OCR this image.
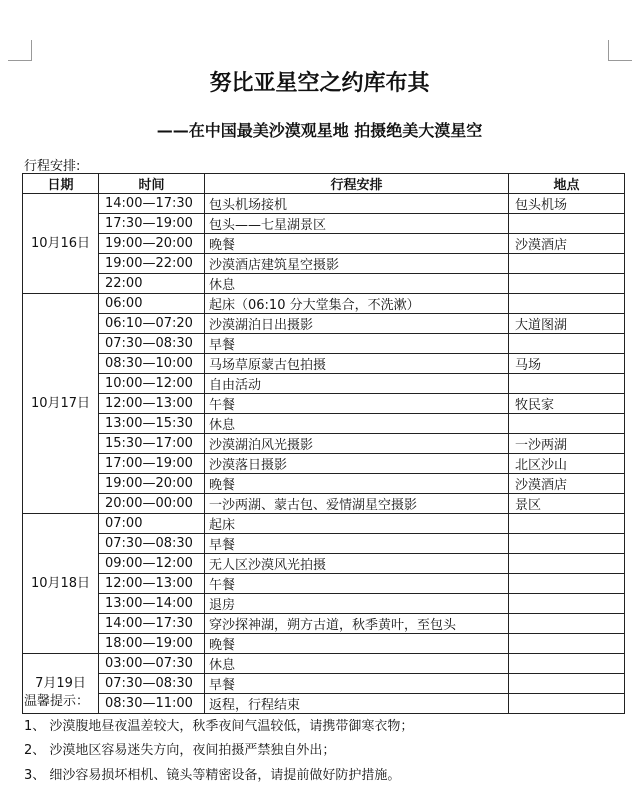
努比亚星空之约库布其
——在中国最美沙漠观星地 拍摄绝美大漠星空
行程安排:
日期	时间	行程安排	地点
10月16日	14:00—17:30	包头机场接机	包头机场
	17:30—19:00	包头——七星湖景区	
	19:00—20:00	晚餐	沙漠酒店
	19:00—22:00	沙漠酒店建筑星空摄影	
	22:00	休息	
10月17日	06:00	起床（06:10 分大堂集合，不洗漱）	
	06:10—07:20	沙漠湖泊日出摄影	大道图湖
	07:30—08:30	早餐	
	08:30—10:00	马场草原蒙古包拍摄	马场
	10:00—12:00	自由活动	
	12:00—13:00	午餐	牧民家
	13:00—15:30	休息	
	15:30—17:00	沙漠湖泊风光摄影	一沙两湖
	17:00—19:00	沙漠落日摄影	北区沙山
	19:00—20:00	晚餐	沙漠酒店
	20:00—00:00	一沙两湖、蒙古包、爱情湖星空摄影	景区
10月18日	07:00	起床	
	07:30—08:30	早餐	
	09:00—12:00	无人区沙漠风光拍摄	
	12:00—13:00	午餐	
	13:00—14:00	退房	
	14:00—17:30	穿沙探神湖，朔方古道，秋季黄叶，至包头	
	18:00—19:00	晚餐	
7月19日	03:00—07:30	休息	
	07:30—08:30	早餐	
	08:30—11:00	返程，行程结束	
温馨提示：
1、 沙漠腹地昼夜温差较大，秋季夜间气温较低，请携带御寒衣物；
2、 沙漠地区容易迷失方向，夜间拍摄严禁独自外出；
3、 细沙容易损坏相机、镜头等精密设备，请提前做好防护措施。
